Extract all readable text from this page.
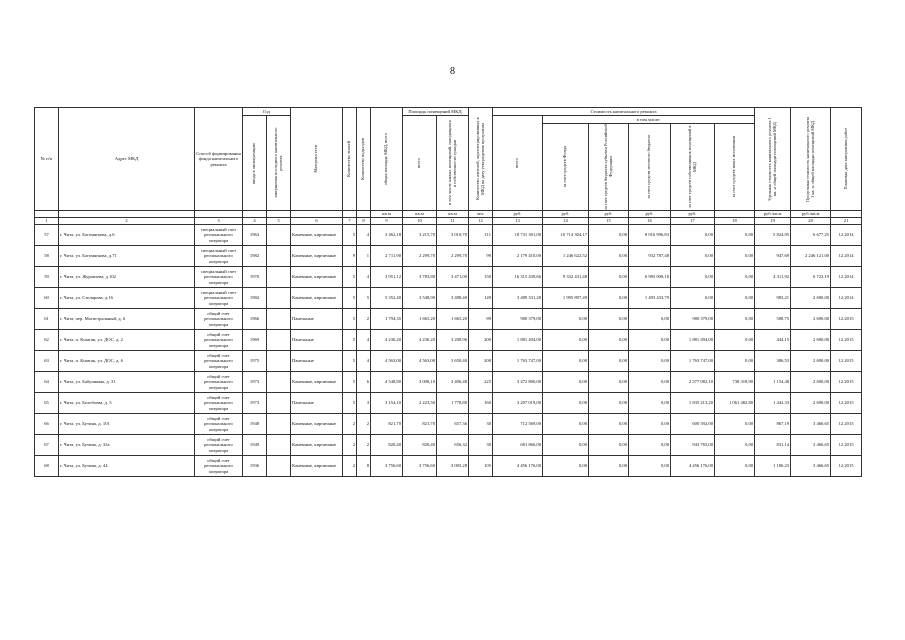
8
№ п/п	Адрес МКД	Способ формирования фонда капитального ремонта	Год		Материал стен	Количество этажей	Количество подъездов	общая площадь МКД, всего	Площадь помещений МКД:		Количество жителей, зарегистрированных в МКД на дату утверждения программы	Стоимость капитального ремонта						Удельная стоимость капитального ремонта 1 кв. м общей площади помещений МКД	Предельная стоимость капитального ремонта 1 кв. м общей площади помещений МКД	Плановая дата завершения работ

			ввода в эксплуатацию	завершения последнего капитального ремонта					всего	в том числе жилых помещений, находящихся в собственности граждан		всего	в том числе:							

													за счет средств Фонда	за счет средств бюджета субъекта Российской Федерации	за счет средств местного бюджета	за счет средств собственников помещений в МКД	за счет средств иных источников			

								кв.м	кв.м	кв.м	чел.	руб.	руб.	руб.	руб.	руб.		руб./кв.м	руб./кв.м	
1	2	3	4	5	6	7	8	9	10	11	12	13	14	15	16	17	18	19	20	21
57	г. Чита, ул. Богомягкова, д.6	специальный счет регионального оператора	1963		Каменные, кирпичные	5	4	3 462,18	3 215,70	3 010,70	111	18 731 301,00	10 714 304,17	0,00	8 016 996,83	0,00	0,00	5 824,95	6 677,25	12.2014
58	г. Чита, ул. Богомягкова, д.71	специальный счет регионального оператора	1982		Каменные, кирпичные	9	1	2 711,90	2 299,70	2 299,70	99	2 179 410,00	1 246 622,52	0,00	932 787,48	0,00	0,00	947,69	2 246 121,00	12.2014
59	г. Чита, ул. Журавлева, д.102	специальный счет регионального оператора	1970		Каменные, кирпичные	5	4	3 951,12	3 783,80	3 471,00	150	16 315 439,66	9 332 431,48	0,00	6 983 008,18	0,00	0,00	4 311,92	6 723,19	12.2014
60	г. Чита, ул. Столярова, д.16	специальный счет регионального оператора	1984		Каменные, кирпичные	5	5	5 352,40	3 548,90	3 488,40	149	3 489 331,28	1 995 897,49	0,00	1 493 433,79	0,00	0,00	983,21	2 690,00	12.2014
61	г. Чита, пер. Магистральный, д. 6	общий счет регионального оператора	1966		Панельные	5	2	1 794,35	1 665,20	1 665,20	89	980 379,00	0,00	0,00	0,00	980 379,00	0,00	588,75	2 690,00	12.2015
62	г. Чита, п. Кшатак, ул. ДОС, д. 2	общий счет регионального оператора	1969		Панельные	5	4	4 236,20	4 236,20	3 208,96	200	1 881 494,00	0,00	0,00	0,00	1 881 494,00	0,00	444,15	2 690,00	12.2015
63	г. Чита, п. Кшатак, ул. ДОС, д. 6	общий счет регионального оператора	1975		Панельные	5	4	4 563,00	4 563,00	3 650,40	200	1 763 747,00	0,00	0,00	0,00	1 763 747,00	0,00	386,53	2 690,00	12.2015
64	г. Чита, ул. Бабушкина, д. 31	общий счет регионального оператора	1973		Каменные, кирпичные	5	6	4 548,80	3 008,10	2 406,48	225	3 472 800,00	0,00	0,00	0,00	2 577 082,10	738 318,90	1 154,48	2 690,00	12.2015
65	г. Чита, ул. Белобоева, д. 3	общий счет регионального оператора	1973		Панельные	5	3	3 154,10	2 223,50	1 778,80	160	3 207 019,00	0,00	0,00	0,00	1 835 213,20	1 061 482,80	1 442,33	2 690,00	12.2015
66	г. Чита, ул. Бутина, д. 101	общий счет регионального оператора	1948		Каменные, кирпичные	2	2	821,70	821,70	657,36	30	712 569,00	0,00	0,00	0,00	600 392,00	0,00	867,19	3 466,65	12.2015
67	г. Чита, ул. Бутина, д. 32а	общий счет регионального оператора	1949		Каменные, кирпичные	2	2	820,40	820,40	656,32	30	681 866,00	0,00	0,00	0,00	943 765,00	0,00	831,14	3 466,65	12.2015
68	г. Чита, ул. Бутина, д. 44	общий счет регионального оператора	1936		Каменные, кирпичные	2	8	3 756,60	3 756,60	3 005,28	105	4 456 176,00	0,00	0,00	0,00	4 456 176,00	0,00	1 186,23	3 466,65	12.2015
